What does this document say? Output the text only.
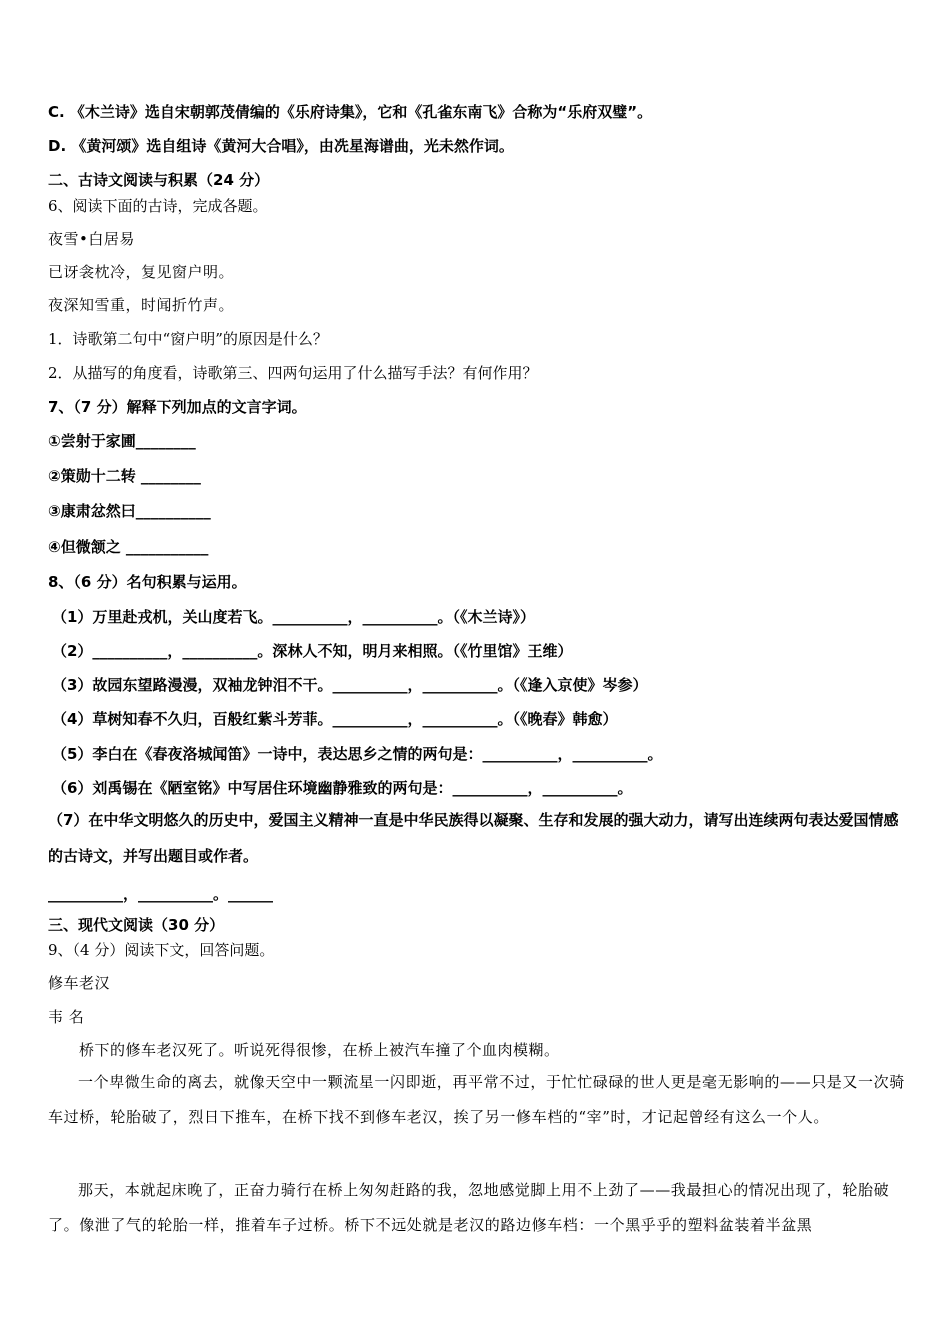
C. 《木兰诗》选自宋朝郭茂倩编的《乐府诗集》，它和《孔雀东南飞》合称为“乐府双璧”。
D. 《黄河颂》选自组诗《黄河大合唱》，由冼星海谱曲，光未然作词。
二、古诗文阅读与积累（24 分）
6、阅读下面的古诗，完成各题。
夜雪•白居易
已讶衾枕冷，复见窗户明。
夜深知雪重，时闻折竹声。
1．诗歌第二句中“窗户明”的原因是什么？
2．从描写的角度看，诗歌第三、四两句运用了什么描写手法？有何作用？
7、（7 分）解释下列加点的文言字词。
①尝射于家圃________
②策勋十二转 ________
③康肃忿然曰__________
④但微颔之 ___________
8、（6 分）名句积累与运用。
（1）万里赴戎机，关山度若飞。__________，__________。（《木兰诗》）
（2）__________，__________。深林人不知，明月来相照。（《竹里馆》王维）
（3）故园东望路漫漫，双袖龙钟泪不干。__________，__________。（《逢入京使》岑参）
（4）草树知春不久归，百般红紫斗芳菲。__________，__________。（《晚春》韩愈）
（5）李白在《春夜洛城闻笛》一诗中，表达思乡之情的两句是：__________，__________。
（6）刘禹锡在《陋室铭》中写居住环境幽静雅致的两句是：__________，__________。
（7）在中华文明悠久的历史中，爱国主义精神一直是中华民族得以凝聚、生存和发展的强大动力，请写出连续两句表达爱国情感的古诗文，并写出题目或作者。
__________，__________。______
三、现代文阅读（30 分）
9、（4 分）阅读下文，回答问题。
修车老汉
韦 名
桥下的修车老汉死了。听说死得很惨，在桥上被汽车撞了个血肉模糊。
一个卑微生命的离去，就像天空中一颗流星一闪即逝，再平常不过，于忙忙碌碌的世人更是毫无影响的——只是又一次骑车过桥，轮胎破了，烈日下推车，在桥下找不到修车老汉，挨了另一修车档的“宰”时，才记起曾经有这么一个人。
那天，本就起床晚了，正奋力骑行在桥上匆匆赶路的我，忽地感觉脚上用不上劲了——我最担心的情况出现了，轮胎破了。像泄了气的轮胎一样，推着车子过桥。桥下不远处就是老汉的路边修车档：一个黑乎乎的塑料盆装着半盆黑
